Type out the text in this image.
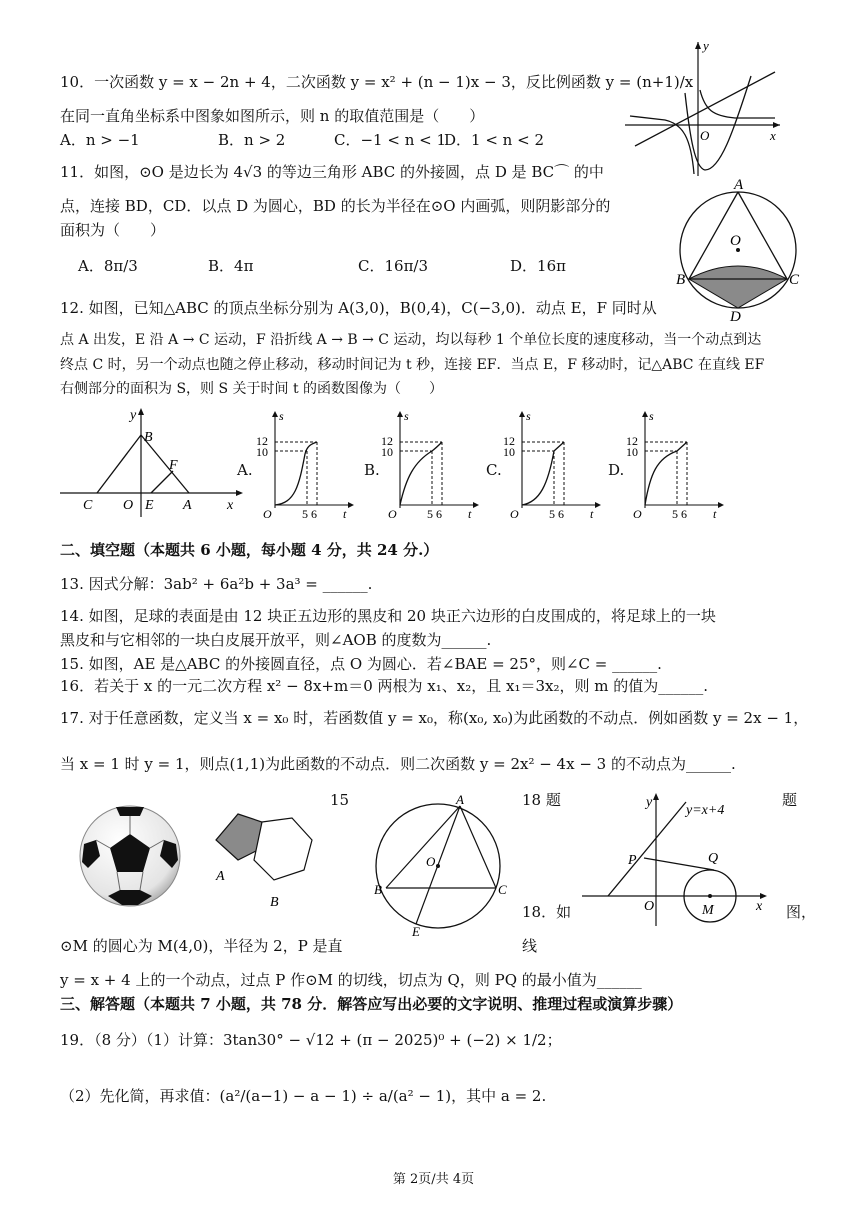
10．一次函数 y = x − 2n + 4，二次函数 y = x² + (n − 1)x − 3，反比例函数 y = (n+1)/x
在同一直角坐标系中图象如图所示，则 n 的取值范围是（　　）
A．n > −1	B．n > 2	C．−1 < n < 1
D．1 < n < 2
y
O	x
11．如图，⊙O 是边长为 4√3 的等边三角形 ABC 的外接圆，点 D 是 BC⌒ 的中
点，连接 BD，CD．以点 D 为圆心，BD 的长为半径在⊙O 内画弧，则阴影部分的
面积为（　　）
A．8π/3	B．4π	C．16π/3	D．16π
A
O
B	C
D
12. 如图，已知△ABC 的顶点坐标分别为 A(3,0)，B(0,4)，C(−3,0)．动点 E，F 同时从
点 A 出发，E 沿 A → C 运动，F 沿折线 A → B → C 运动，均以每秒 1 个单位长度的速度移动，当一个动点到达
终点 C 时，另一个动点也随之停止移动，移动时间记为 t 秒，连接 EF．当点 E，F 移动时，记△ABC 在直线 EF
右侧部分的面积为 S，则 S 关于时间 t 的函数图像为（　　）
y
B
F
C O E A	x
A.
s
12
10
O	5 6 t
B.
s
12
10
O	5 6 t
C.
s
12
10
O	5 6 t
D.
s
12
10
O	5 6 t
二、填空题（本题共 6 小题，每小题 4 分，共 24 分.）
13. 因式分解：3ab² + 6a²b + 3a³ = ______.
14. 如图，足球的表面是由 12 块正五边形的黑皮和 20 块正六边形的白皮围成的，将足球上的一块
黑皮和与它相邻的一块白皮展开放平，则∠AOB 的度数为______.
15. 如图，AE 是△ABC 的外接圆直径，点 O 为圆心．若∠BAE = 25°，则∠C = ______.
16．若关于 x 的一元二次方程 x² − 8x+m＝0 两根为 x₁、x₂，且 x₁＝3x₂，则 m 的值为______.
17. 对于任意函数，定义当 x = x₀ 时，若函数值 y = x₀，称(x₀, x₀)为此函数的不动点．例如函数 y = 2x − 1，
当 x = 1 时 y = 1，则点(1,1)为此函数的不动点．则二次函数 y = 2x² − 4x − 3 的不动点为______.
15	18 题	题
A
B
A
O
B	C
E
y
y=x+4
P	Q
O	M	x
18．如	图，
⊙M 的圆心为 M(4,0)，半径为 2，P 是直	线
y = x + 4 上的一个动点，过点 P 作⊙M 的切线，切点为 Q，则 PQ 的最小值为______
三、解答题（本题共 7 小题，共 78 分．解答应写出必要的文字说明、推理过程或演算步骤）
19．（8 分）（1）计算：3tan30° − √12 + (π − 2025)⁰ + (−2) × 1/2；
（2）先化简，再求值：(a²/(a−1) − a − 1) ÷ a/(a² − 1)，其中 a = 2.
第 2页/共 4页
